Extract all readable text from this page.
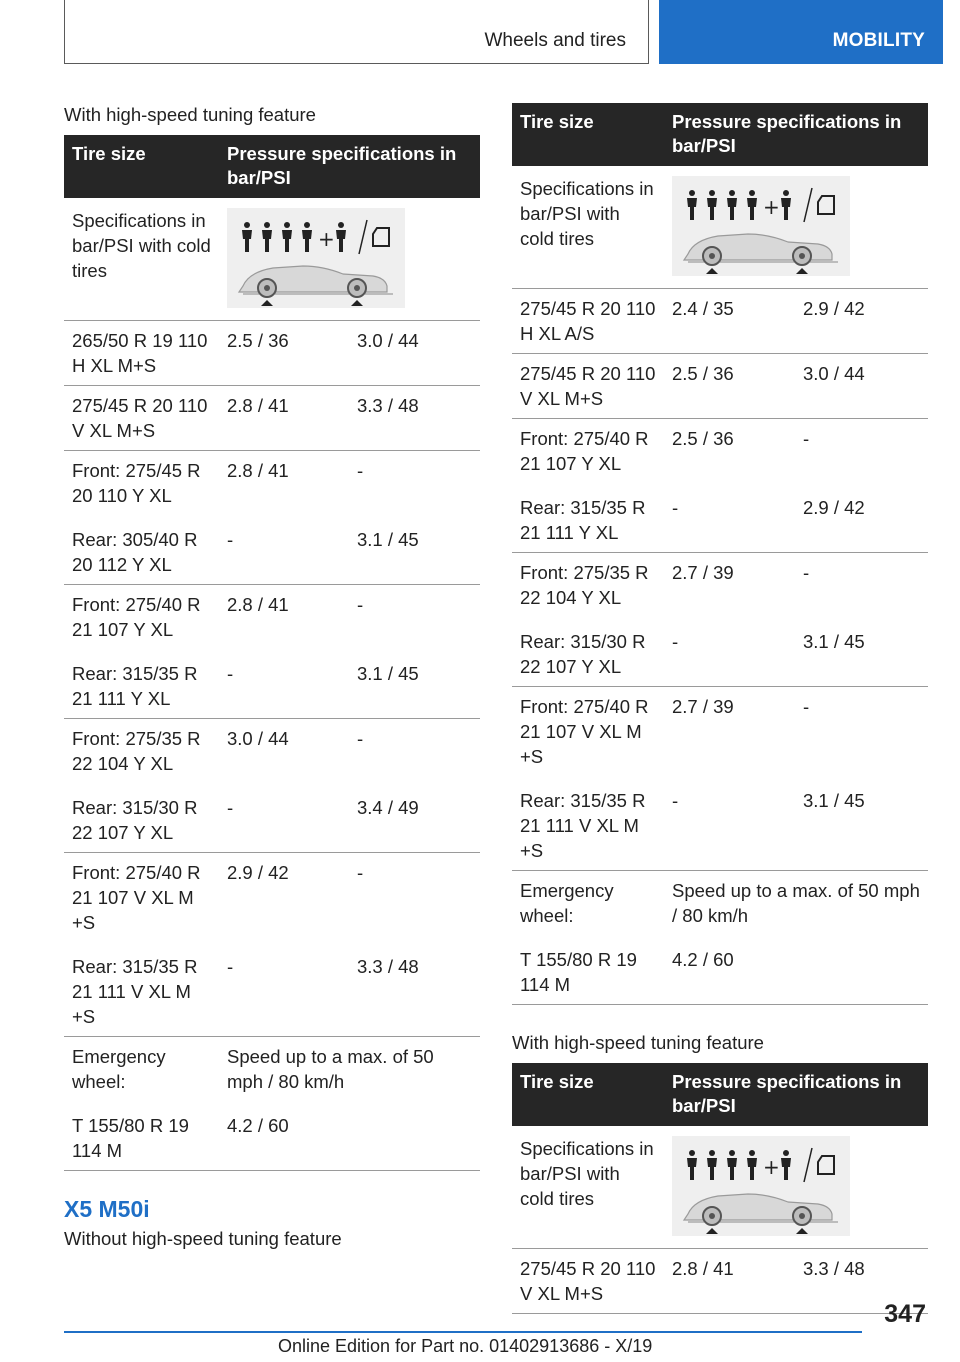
Wheels and tires	MOBILITY
With high-speed tuning feature
Tire size	Pressure specifications in bar/PSI	
Specifications in bar/PSI with cold tires	

265/50 R 19 110 H XL M+S	2.5 / 36	3.0 / 44
275/45 R 20 110 V XL M+S	2.8 / 41	3.3 / 48
Front: 275/45 R 20 110 Y XL	2.8 / 41	-
Rear: 305/40 R 20 112 Y XL	-	3.1 / 45
Front: 275/40 R 21 107 Y XL	2.8 / 41	-
Rear: 315/35 R 21 111 Y XL	-	3.1 / 45
Front: 275/35 R 22 104 Y XL	3.0 / 44	-
Rear: 315/30 R 22 107 Y XL	-	3.4 / 49
Front: 275/40 R 21 107 V XL M +S	2.9 / 42	-
Rear: 315/35 R 21 111 V XL M +S	-	3.3 / 48
Emergency wheel:	Speed up to a max. of 50 mph / 80 km/h	
T 155/80 R 19 114 M	4.2 / 60	
X5 M50i
Without high-speed tuning feature
Tire size	Pressure specifications in bar/PSI	
Specifications in bar/PSI with cold tires	

275/45 R 20 110 H XL A/S	2.4 / 35	2.9 / 42
275/45 R 20 110 V XL M+S	2.5 / 36	3.0 / 44
Front: 275/40 R 21 107 Y XL	2.5 / 36	-
Rear: 315/35 R 21 111 Y XL	-	2.9 / 42
Front: 275/35 R 22 104 Y XL	2.7 / 39	-
Rear: 315/30 R 22 107 Y XL	-	3.1 / 45
Front: 275/40 R 21 107 V XL M +S	2.7 / 39	-
Rear: 315/35 R 21 111 V XL M +S	-	3.1 / 45
Emergency wheel:	Speed up to a max. of 50 mph / 80 km/h	
T 155/80 R 19 114 M	4.2 / 60	
With high-speed tuning feature
Tire size	Pressure specifications in bar/PSI	
Specifications in bar/PSI with cold tires	

275/45 R 20 110 V XL M+S	2.8 / 41	3.3 / 48
347
Online Edition for Part no. 01402913686 - X/19
